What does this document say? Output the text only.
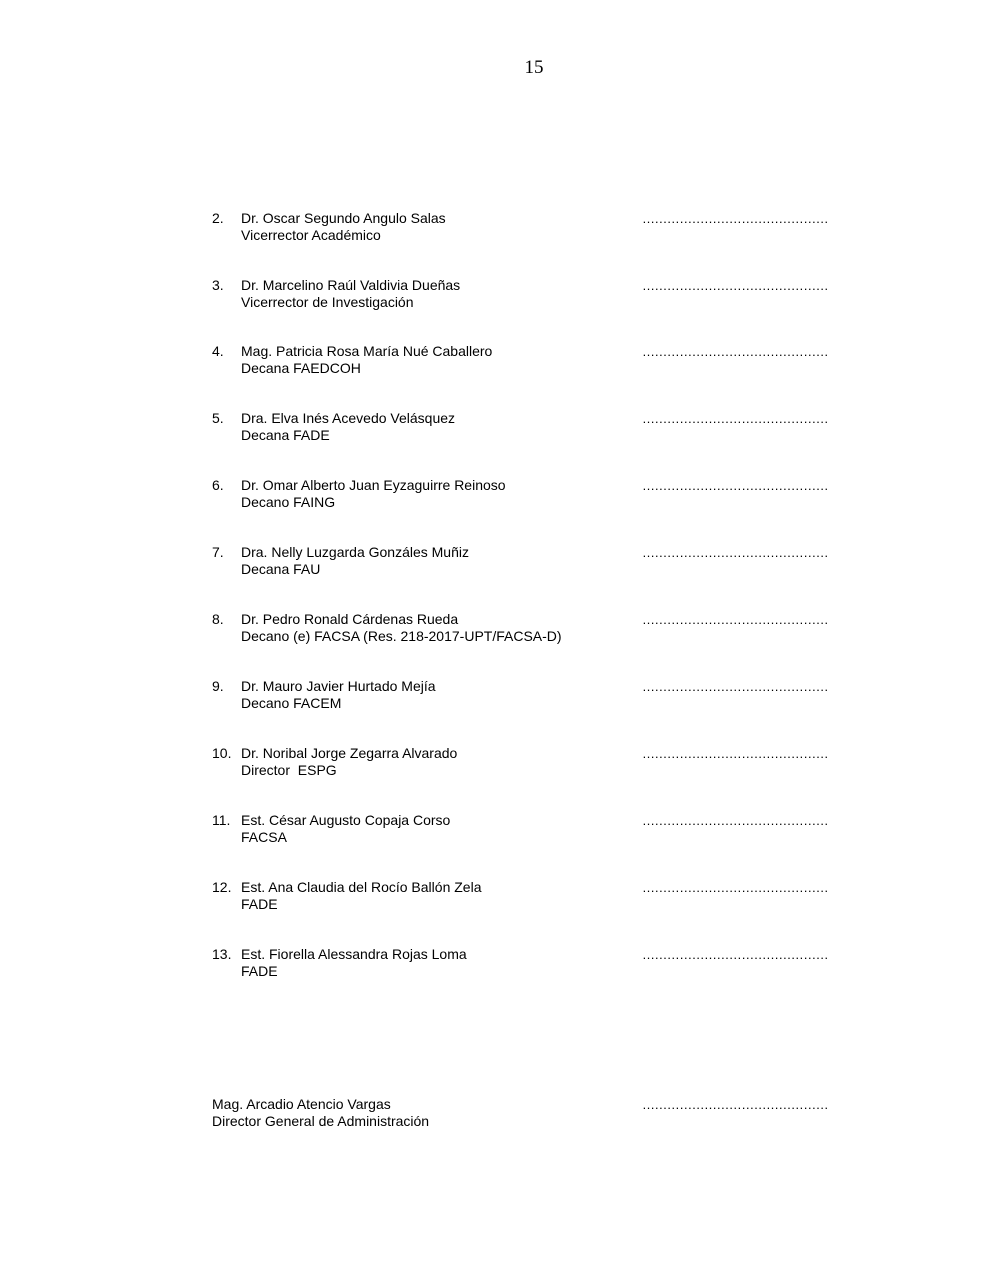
15
2. Dr. Oscar Segundo Angulo Salas
Vicerrector Académico
………………………………………
3. Dr. Marcelino Raúl Valdivia Dueñas
Vicerrector de Investigación
………………………………………
4. Mag. Patricia Rosa María Nué Caballero
Decana FAEDCOH
………………………………………
5. Dra. Elva Inés Acevedo Velásquez
Decana FADE
………………………………………
6. Dr. Omar Alberto Juan Eyzaguirre Reinoso
Decano FAING
………………………………………
7. Dra. Nelly Luzgarda Gonzáles Muñiz
Decana FAU
………………………………………
8. Dr. Pedro Ronald Cárdenas Rueda
Decano (e) FACSA (Res. 218-2017-UPT/FACSA-D)
………………………………………
9. Dr. Mauro Javier Hurtado Mejía
Decano FACEM
………………………………………
10. Dr. Noribal Jorge Zegarra Alvarado
Director  ESPG
………………………………………
11. Est. César Augusto Copaja Corso
FACSA
………………………………………
12. Est. Ana Claudia del Rocío Ballón Zela
FADE
………………………………………
13. Est. Fiorella Alessandra Rojas Loma
FADE
………………………………………
Mag. Arcadio Atencio Vargas
Director General de Administración
………………………………………
